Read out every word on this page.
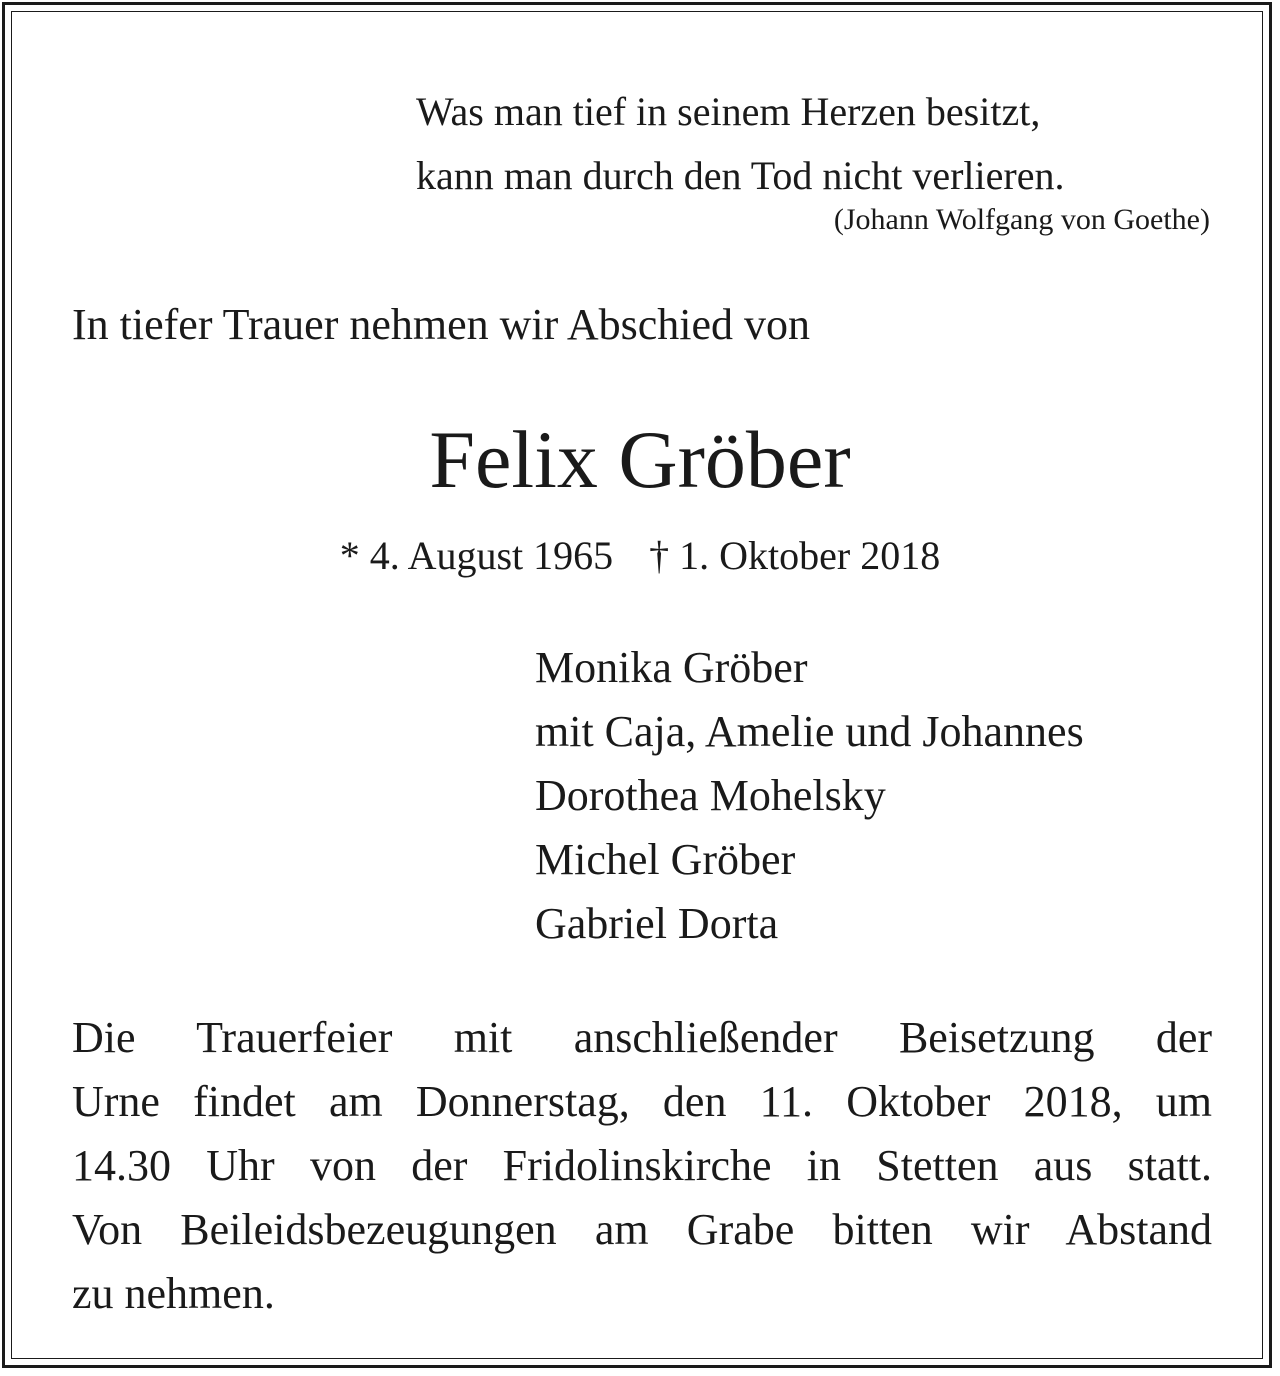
Was man tief in seinem Herzen besitzt,
kann man durch den Tod nicht verlieren.
(Johann Wolfgang von Goethe)
In tiefer Trauer nehmen wir Abschied von
Felix Gröber
* 4. August 1965 † 1. Oktober 2018
Monika Gröber
mit Caja, Amelie und Johannes
Dorothea Mohelsky
Michel Gröber
Gabriel Dorta
Die Trauerfeier mit anschließender Beisetzung der
Urne findet am Donnerstag, den 11. Oktober 2018, um
14.30 Uhr von der Fridolinskirche in Stetten aus statt.
Von Beileidsbezeugungen am Grabe bitten wir Abstand
zu nehmen.
